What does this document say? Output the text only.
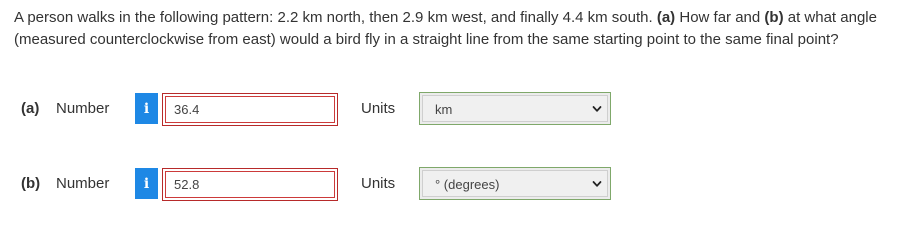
A person walks in the following pattern: 2.2 km north, then 2.9 km west, and finally 4.4 km south. (a) How far and (b) at what angle (measured counterclockwise from east) would a bird fly in a straight line from the same starting point to the same final point?
(a) Number i
36.4	Units	km
(b) Number i
52.8	Units	° (degrees)
